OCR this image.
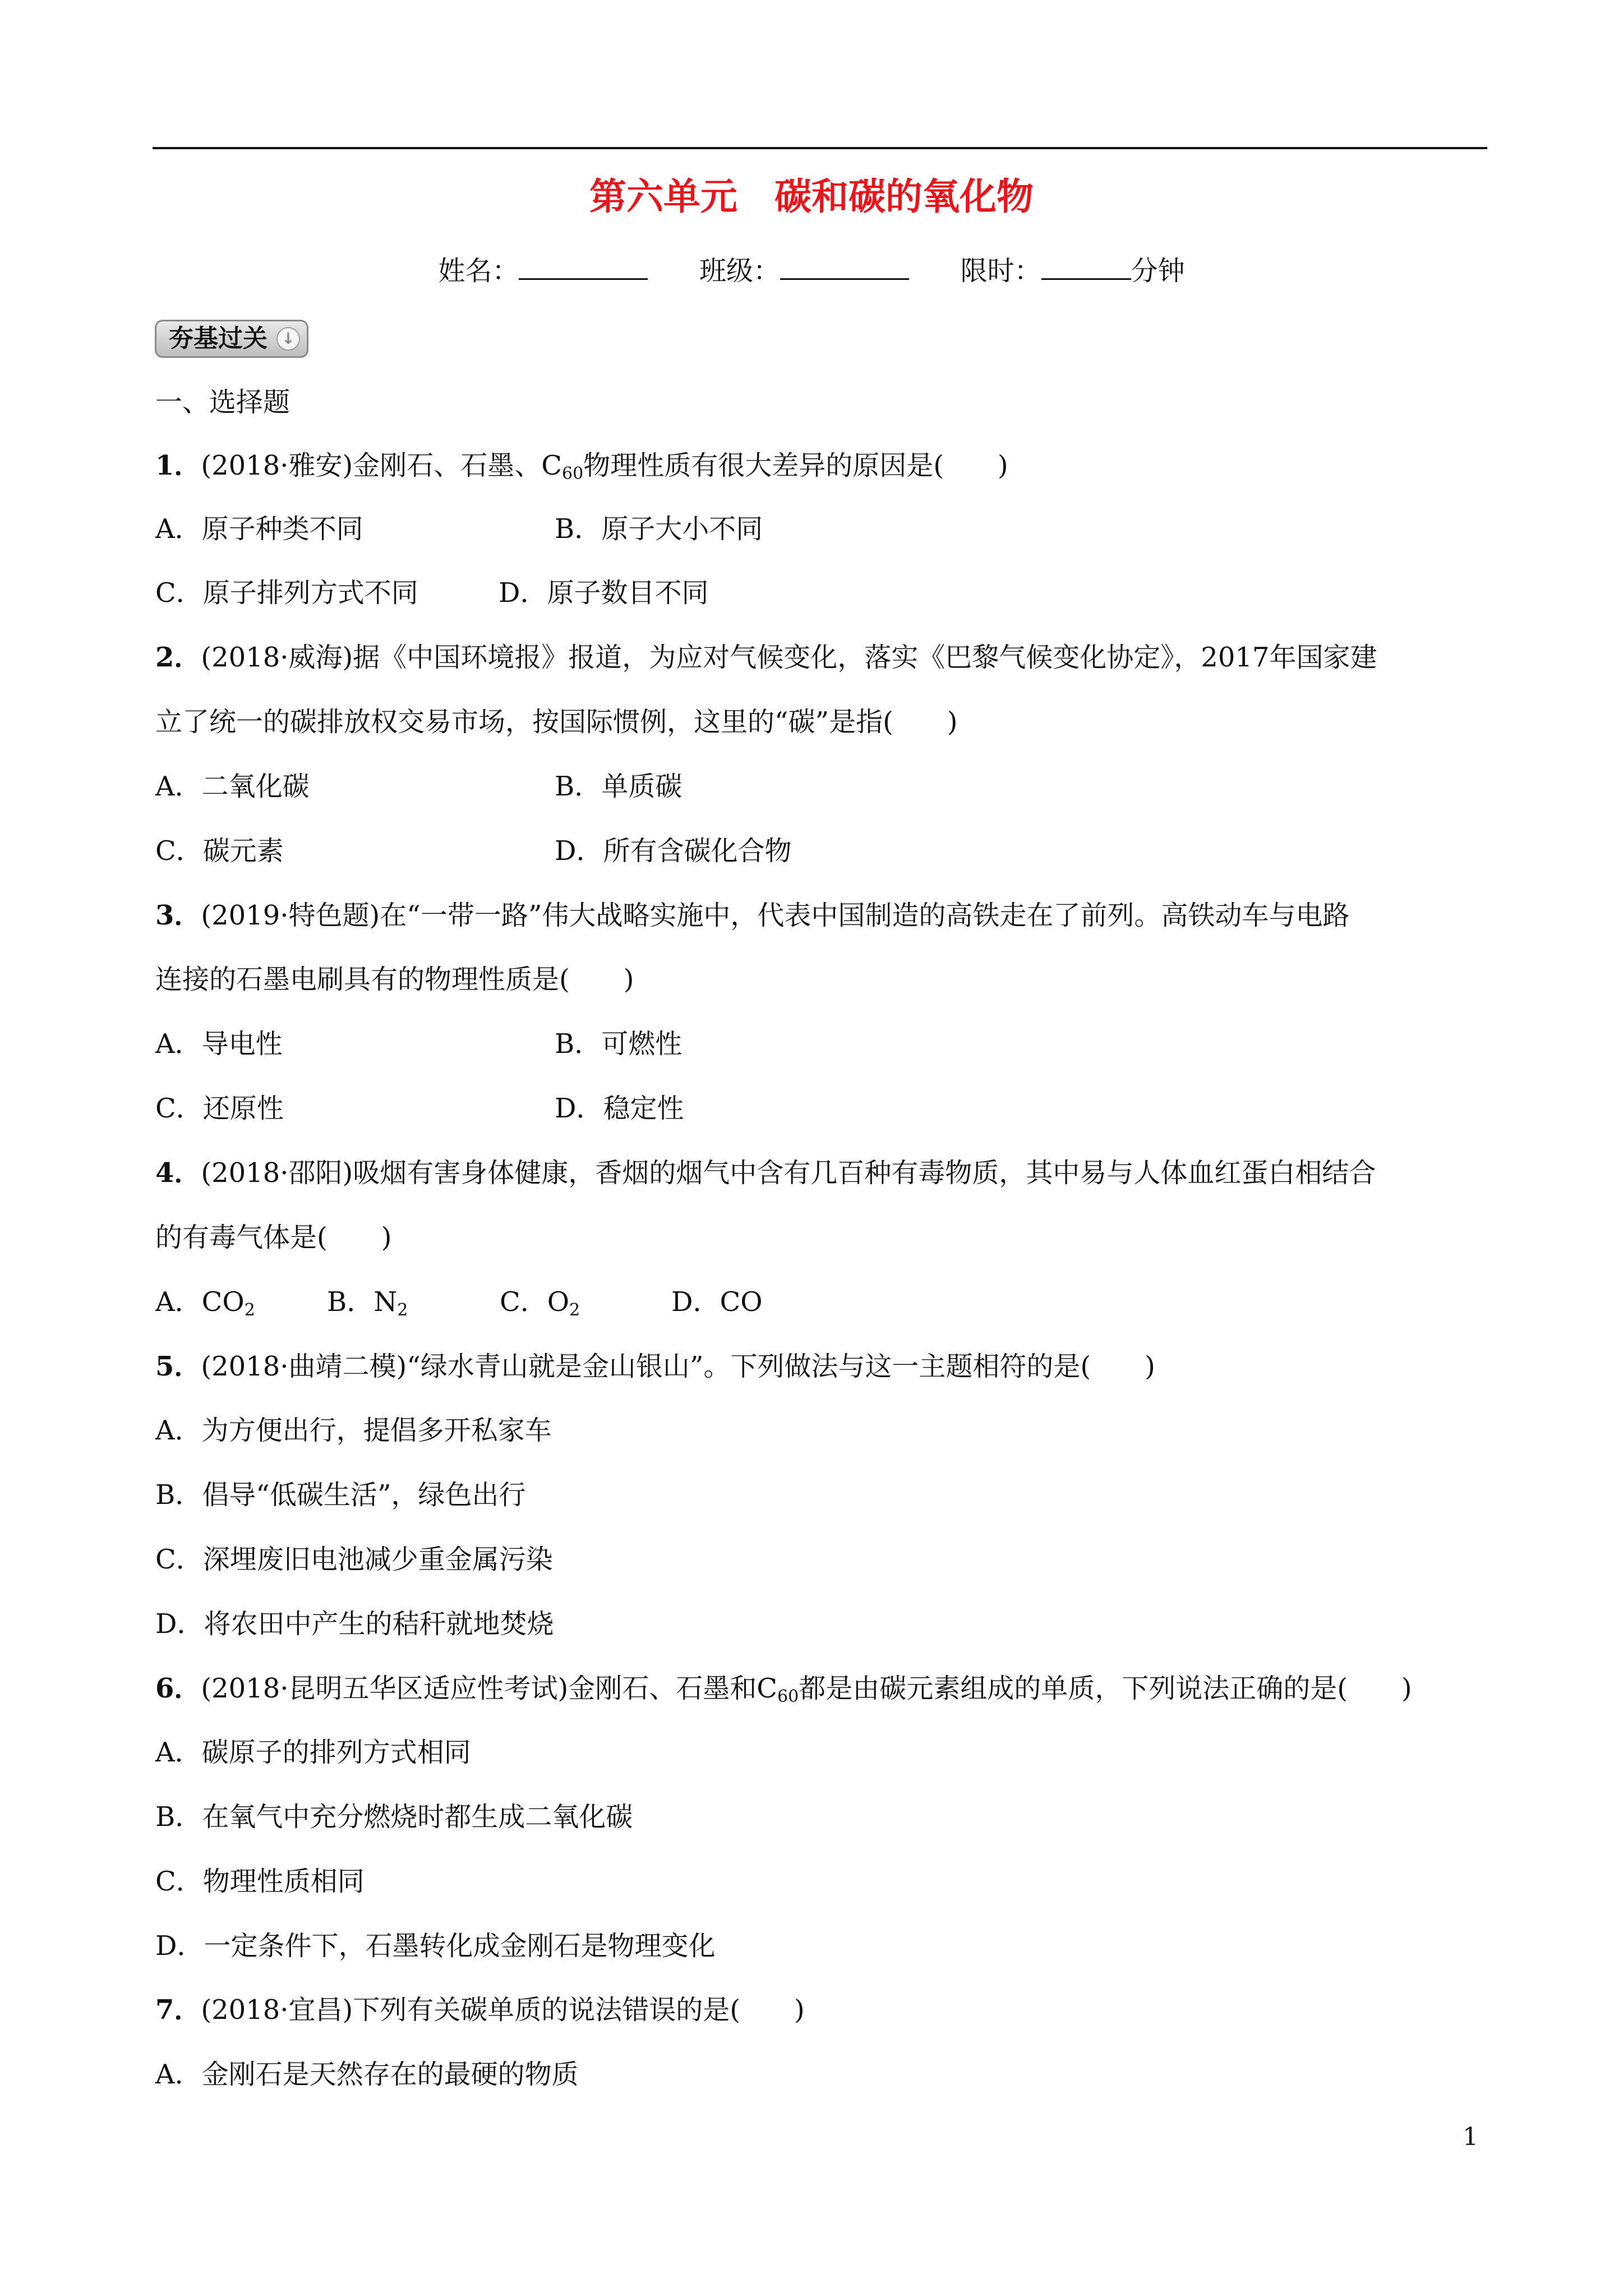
第六单元　碳和碳的氧化物
姓名：	班级：	限时：	分钟
夯基过关 ↓
一、选择题
1．(2018·雅安)金刚石、石墨、$C_{60}$物理性质有很大差异的原因是(　　)
A．原子种类不同	B．原子大小不同
C．原子排列方式不同	D．原子数目不同
2．(2018·威海)据《中国环境报》报道，为应对气候变化，落实《巴黎气候变化协定》，2017年国家建
立了统一的碳排放权交易市场，按国际惯例，这里的“碳”是指(　　)
A．二氧化碳	B．单质碳
C．碳元素	D．所有含碳化合物
3．(2019·特色题)在“一带一路”伟大战略实施中，代表中国制造的高铁走在了前列。高铁动车与电路
连接的石墨电刷具有的物理性质是(　　)
A．导电性	B．可燃性
C．还原性	D．稳定性
4．(2018·邵阳)吸烟有害身体健康，香烟的烟气中含有几百种有毒物质，其中易与人体血红蛋白相结合
的有毒气体是(　　)

A．$CO_2$

	B．$N_2$

	C．$O_2$

	D．CO

5．(2018·曲靖二模)“绿水青山就是金山银山”。下列做法与这一主题相符的是(　　)
A．为方便出行，提倡多开私家车
B．倡导“低碳生活”，绿色出行
C．深埋废旧电池减少重金属污染
D．将农田中产生的秸秆就地焚烧
6．(2018·昆明五华区适应性考试)金刚石、石墨和$C_{60}$都是由碳元素组成的单质，下列说法正确的是(　　)
A．碳原子的排列方式相同
B．在氧气中充分燃烧时都生成二氧化碳
C．物理性质相同
D．一定条件下，石墨转化成金刚石是物理变化
7．(2018·宜昌)下列有关碳单质的说法错误的是(　　)
A．金刚石是天然存在的最硬的物质
1
